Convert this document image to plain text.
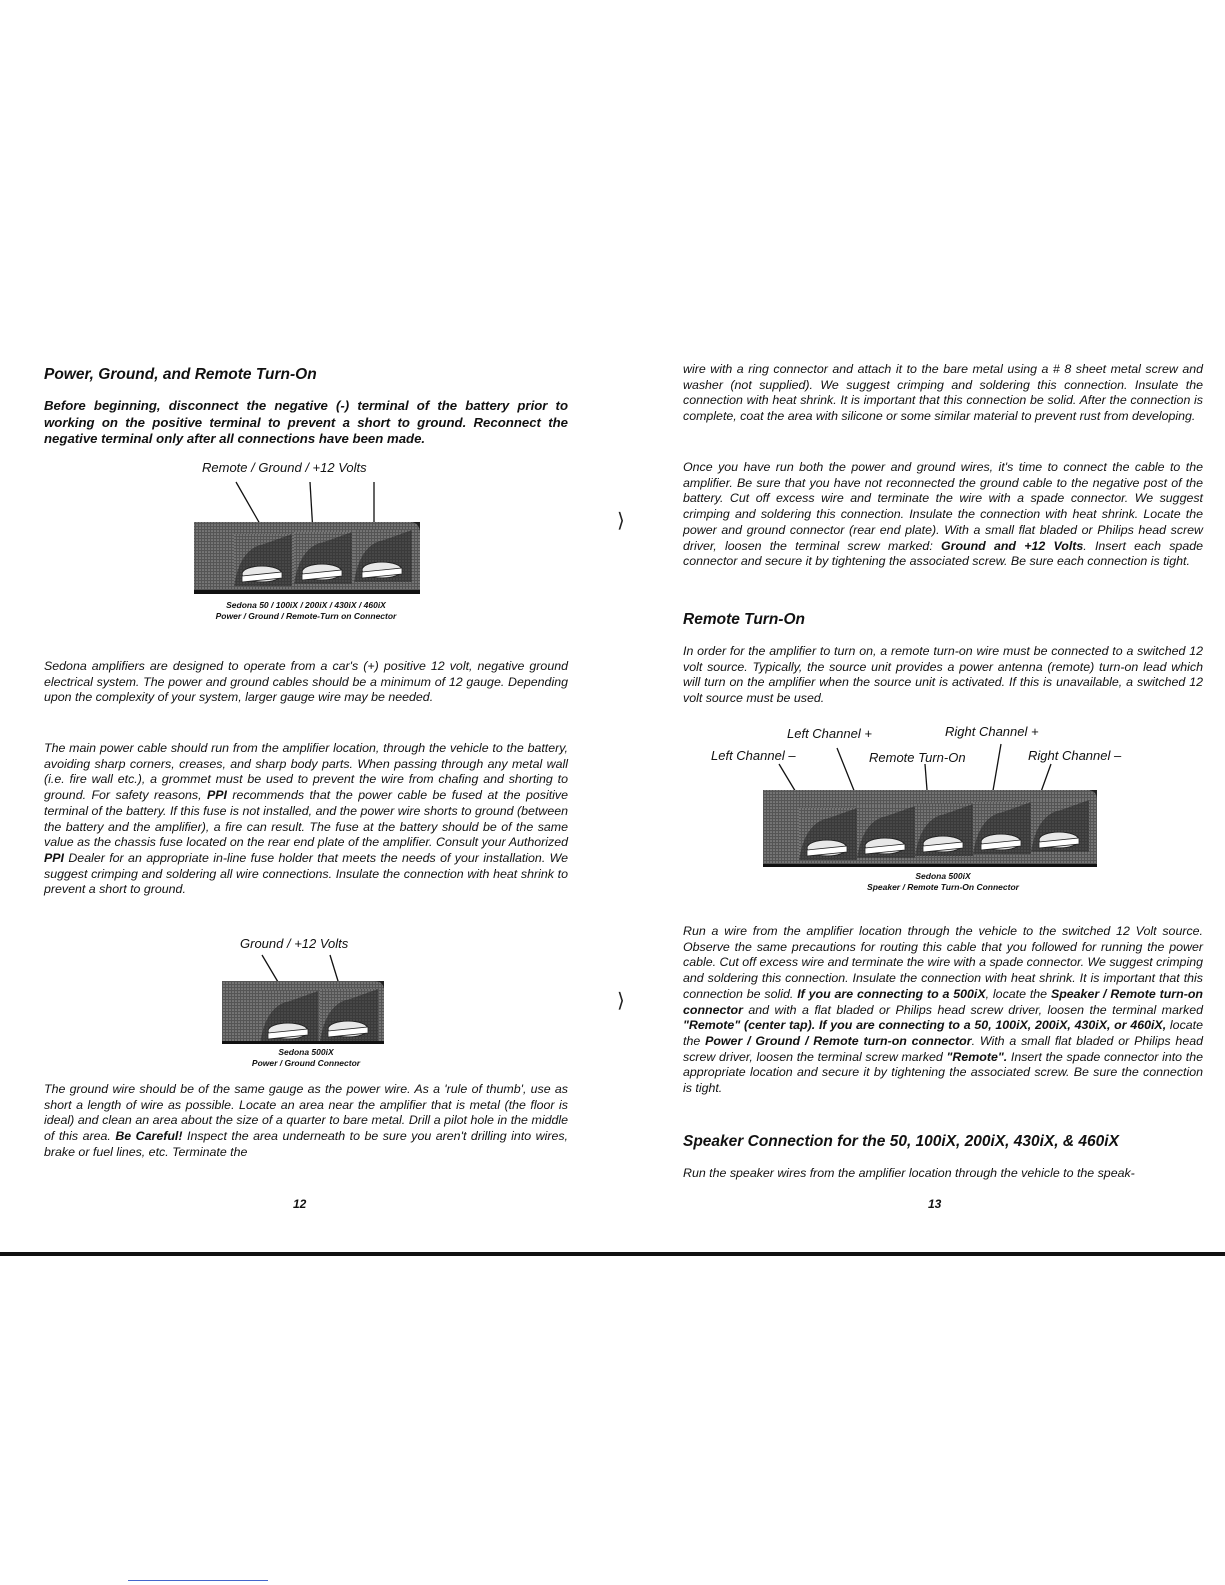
Power, Ground, and Remote Turn-On

Before beginning, disconnect the negative (-) terminal of the battery prior to working on the positive terminal to prevent a short to ground. Reconnect the negative terminal only after all connections have been made.

Remote / Ground / +12 Volts
Sedona 50 / 100iX / 200iX / 430iX / 460iX
Power / Ground / Remote-Turn on Connector

Sedona amplifiers are designed to operate from a car's (+) positive 12 volt, negative ground electrical system. The power and ground cables should be a minimum of 12 gauge. Depending upon the complexity of your system, larger gauge wire may be needed.

The main power cable should run from the amplifier location, through the vehicle to the battery, avoiding sharp corners, creases, and sharp body parts. When passing through any metal wall (i.e. fire wall etc.), a grommet must be used to prevent the wire from chafing and shorting to ground. For safety reasons, PPI recommends that the power cable be fused at the positive terminal of the battery. If this fuse is not installed, and the power wire shorts to ground (between the battery and the amplifier), a fire can result. The fuse at the battery should be of the same value as the chassis fuse located on the rear end plate of the amplifier. Consult your Authorized PPI Dealer for an appropriate in-line fuse holder that meets the needs of your installation. We suggest crimping and soldering all wire connections. Insulate the connection with heat shrink to prevent a short to ground.

Ground / +12 Volts
Sedona 500iX
Power / Ground Connector

The ground wire should be of the same gauge as the power wire. As a 'rule of thumb', use as short a length of wire as possible. Locate an area near the amplifier that is metal (the floor is ideal) and clean an area about the size of a quarter to bare metal. Drill a pilot hole in the middle of this area. Be Careful! Inspect the area underneath to be sure you aren't drilling into wires, brake or fuel lines, etc. Terminate the

12
⟩
⟩

wire with a ring connector and attach it to the bare metal using a # 8 sheet metal screw and washer (not supplied). We suggest crimping and soldering this connection. Insulate the connection with heat shrink. It is important that this connection be solid. After the connection is complete, coat the area with silicone or some similar material to prevent rust from developing.

Once you have run both the power and ground wires, it's time to connect the cable to the amplifier. Be sure that you have not reconnected the ground cable to the negative post of the battery. Cut off excess wire and terminate the wire with a spade connector. We suggest crimping and soldering this connection. Insulate the connection with heat shrink. Locate the power and ground connector (rear end plate). With a small flat bladed or Philips head screw driver, loosen the terminal screw marked: Ground and +12 Volts. Insert each spade connector and secure it by tightening the associated screw. Be sure each connection is tight.

Remote Turn-On

In order for the amplifier to turn on, a remote turn-on wire must be connected to a switched 12 volt source. Typically, the source unit provides a power antenna (remote) turn-on lead which will turn on the amplifier when the source unit is activated. If this is unavailable, a switched 12 volt source must be used.

Left Channel +	Right Channel +
Left Channel –	Remote Turn-On	Right Channel –
Sedona 500iX
Speaker / Remote Turn-On Connector

Run a wire from the amplifier location through the vehicle to the switched 12 Volt source. Observe the same precautions for routing this cable that you followed for running the power cable. Cut off excess wire and terminate the wire with a spade connector. We suggest crimping and soldering this connection. Insulate the connection with heat shrink. It is important that this connection be solid. If you are connecting to a 500iX, locate the Speaker / Remote turn-on connector and with a flat bladed or Philips head screw driver, loosen the terminal marked "Remote" (center tap). If you are connecting to a 50, 100iX, 200iX, 430iX, or 460iX, locate the Power / Ground / Remote turn-on connector. With a small flat bladed or Philips head screw driver, loosen the terminal screw marked "Remote". Insert the spade connector into the appropriate location and secure it by tightening the associated screw. Be sure the connection is tight.

Speaker Connection for the 50, 100iX, 200iX, 430iX, & 460iX

Run the speaker wires from the amplifier location through the vehicle to the speak-

13
